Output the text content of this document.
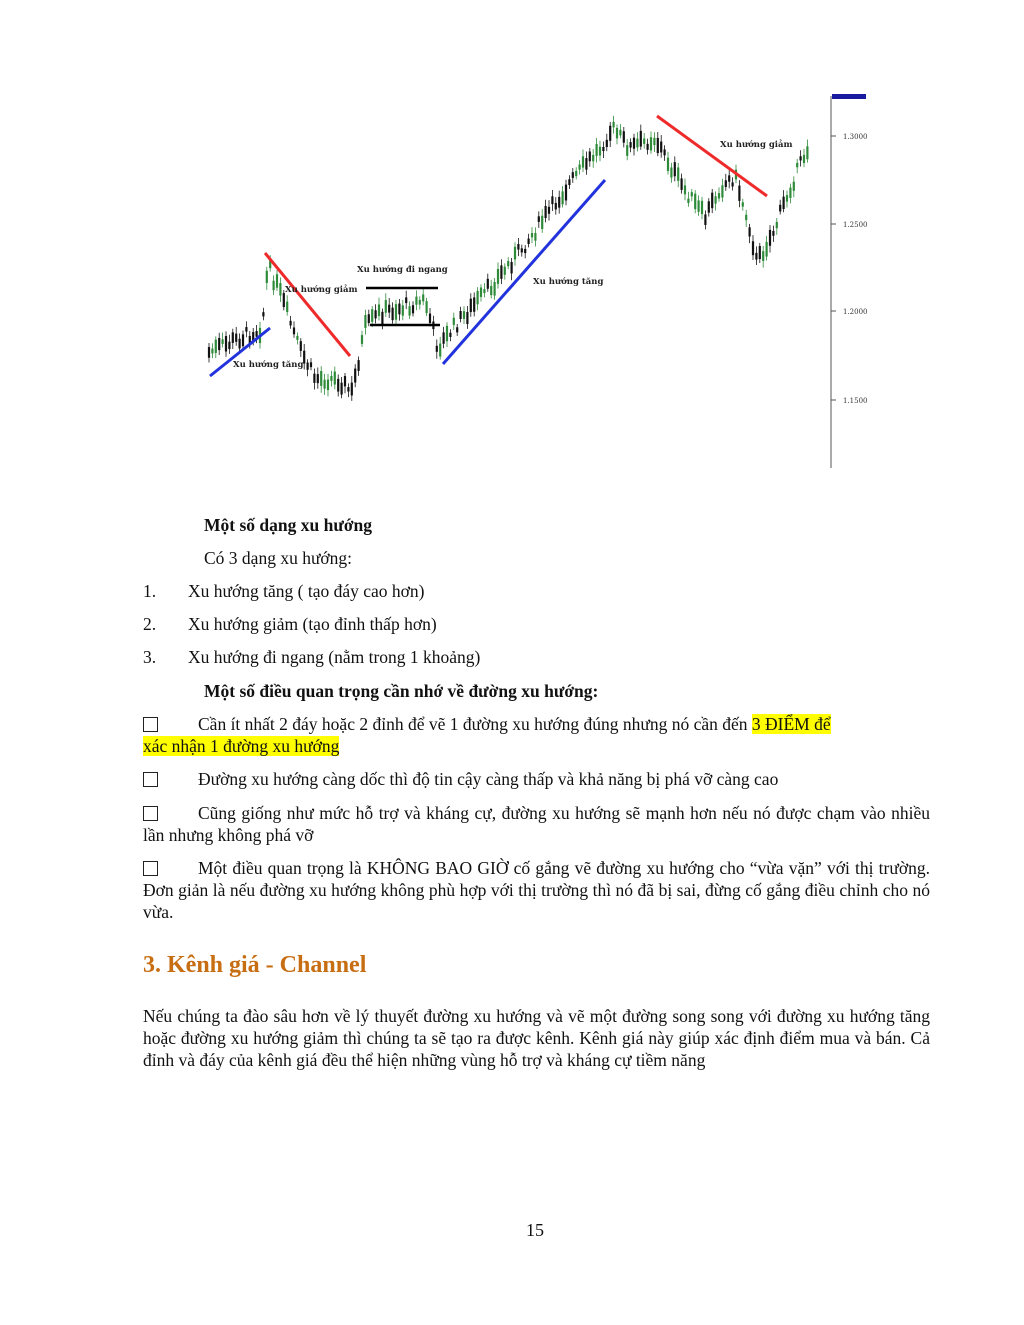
Xu hướng tăng
Xu hướng giảm
Xu hướng đi ngang
Xu hướng tăng
Xu hướng giảm
1.3000
1.2500
1.2000
1.1500
Một số dạng xu hướng
Có 3 dạng xu hướng:
1. Xu hướng tăng ( tạo đáy cao hơn)
2. Xu hướng giảm (tạo đỉnh thấp hơn)
3. Xu hướng đi ngang (nằm trong 1 khoảng)
Một số điều quan trọng cần nhớ về đường xu hướng:
Cần ít nhất 2 đáy hoặc 2 đỉnh để vẽ 1 đường xu hướng đúng nhưng nó cần đến 3 ĐIỂM để
xác nhận 1 đường xu hướng
Đường xu hướng càng dốc thì độ tin cậy càng thấp và khả năng bị phá vỡ càng cao
Cũng giống như mức hỗ trợ và kháng cự, đường xu hướng sẽ mạnh hơn nếu nó được chạm vào nhiều lần nhưng không phá vỡ
Một điều quan trọng là KHÔNG BAO GIỜ cố gắng vẽ đường xu hướng cho “vừa vặn” với thị trường. Đơn giản là nếu đường xu hướng không phù hợp với thị trường thì nó đã bị sai, đừng cố gắng điều chỉnh cho nó vừa.
3. Kênh giá - Channel
Nếu chúng ta đào sâu hơn về lý thuyết đường xu hướng và vẽ một đường song song với đường xu hướng tăng hoặc đường xu hướng giảm thì chúng ta sẽ tạo ra được kênh. Kênh giá này giúp xác định điểm mua và bán. Cả đỉnh và đáy của kênh giá đều thể hiện những vùng hỗ trợ và kháng cự tiềm năng
15
